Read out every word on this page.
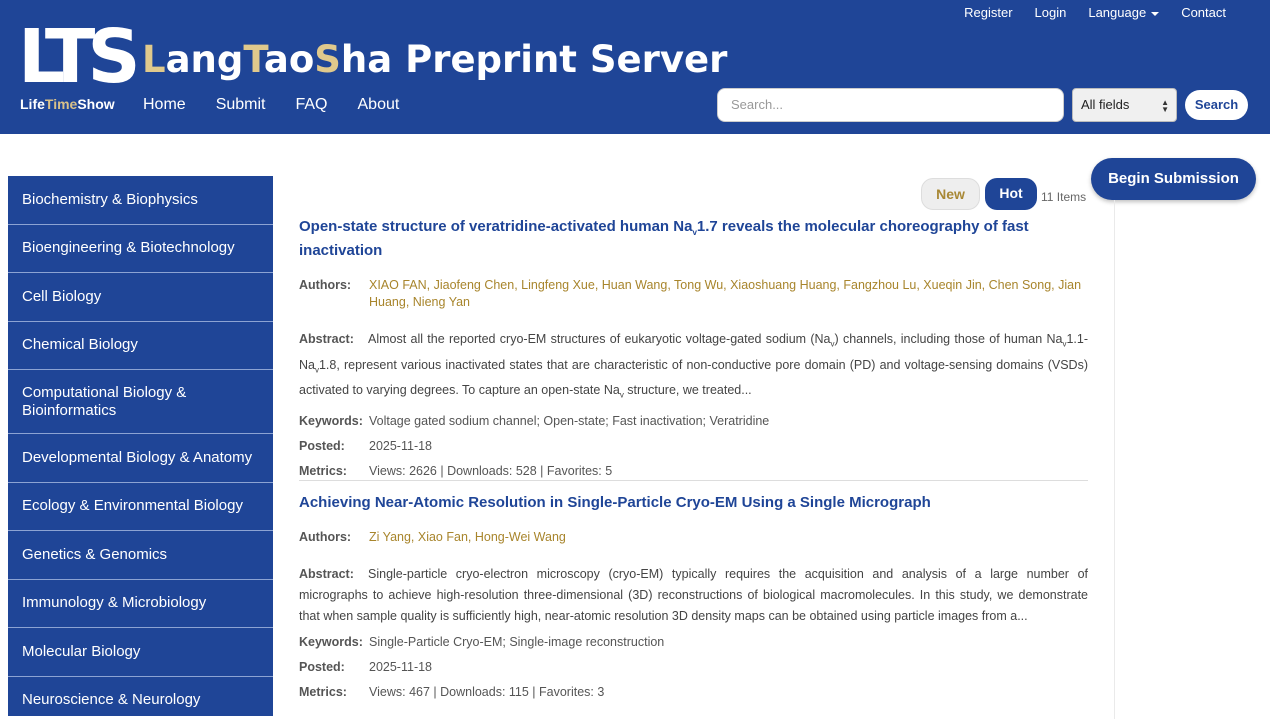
LTS
LifeTimeShow
LangTaoSha Preprint Server
Home Submit FAQ About
Register Login Language	Contact
Search...	All fields	▲
▼	Search
Biochemistry & Biophysics
Bioengineering & Biotechnology
Cell Biology
Chemical Biology
Computational Biology & Bioinformatics
Developmental Biology & Anatomy
Ecology & Environmental Biology
Genetics & Genomics
Immunology & Microbiology
Molecular Biology
Neuroscience & Neurology
New	Hot	11 Items
Begin Submission
Open-state structure of veratridine-activated human $Na_v1.7$ reveals the molecular choreography of fast inactivation
Authors:	XIAO FAN, Jiaofeng Chen, Lingfeng Xue, Huan Wang, Tong Wu, Xiaoshuang Huang, Fangzhou Lu, Xueqin Jin, Chen Song, Jian Huang, Nieng Yan
Abstract: Almost all the reported cryo-EM structures of eukaryotic voltage-gated sodium $(Na_v)$ channels, including those of human $Na_v1.1-Na_v1.8$, represent various inactivated states that are characteristic of non-conductive pore domain (PD) and voltage-sensing domains (VSDs) activated to varying degrees. To capture an open-state $Na_v$ structure, we treated...
Keywords: Voltage gated sodium channel; Open-state; Fast inactivation; Veratridine
Posted:	2025-11-18
Metrics:	Views: 2626 | Downloads: 528 | Favorites: 5
Achieving Near-Atomic Resolution in Single-Particle Cryo-EM Using a Single Micrograph
Authors:	Zi Yang, Xiao Fan, Hong-Wei Wang
Abstract: Single-particle cryo-electron microscopy (cryo-EM) typically requires the acquisition and analysis of a large number of micrographs to achieve high-resolution three-dimensional (3D) reconstructions of biological macromolecules. In this study, we demonstrate that when sample quality is sufficiently high, near-atomic resolution 3D density maps can be obtained using particle images from a...
Keywords: Single-Particle Cryo-EM; Single-image reconstruction
Posted:	2025-11-18
Metrics:	Views: 467 | Downloads: 115 | Favorites: 3
